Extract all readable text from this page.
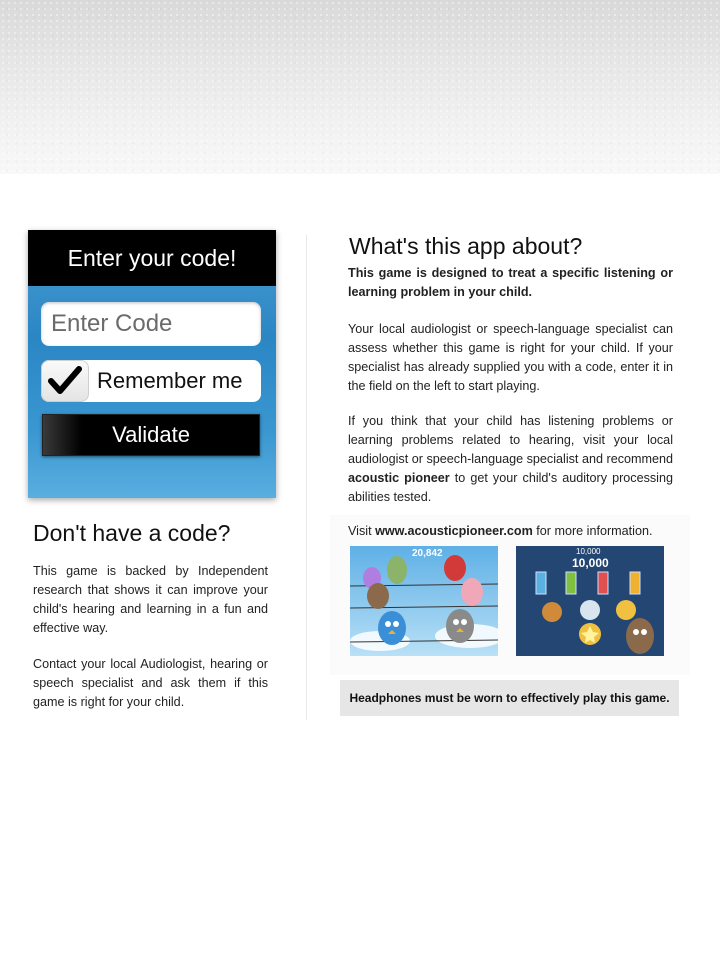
Enter your code!
Enter Code
Remember me
Validate
Don't have a code?

This game is backed by Independent research that shows it can improve your child's hearing and learning in a fun and effective way.

Contact your local Audiologist, hearing or speech specialist and ask them if this game is right for your child.

What's this app about?

This game is designed to treat a specific listening or learning problem in your child.

Your local audiologist or speech-language specialist can assess whether this game is right for your child. If your specialist has already supplied you with a code, enter it in the field on the left to start playing.

If you think that your child has listening problems or learning problems related to hearing, visit your local audiologist or speech-language specialist and recommend acoustic pioneer to get your child's auditory processing abilities tested.

Visit www.acousticpioneer.com for more information.
20,842	10,000
10,000
Headphones must be worn to effectively play this game.
